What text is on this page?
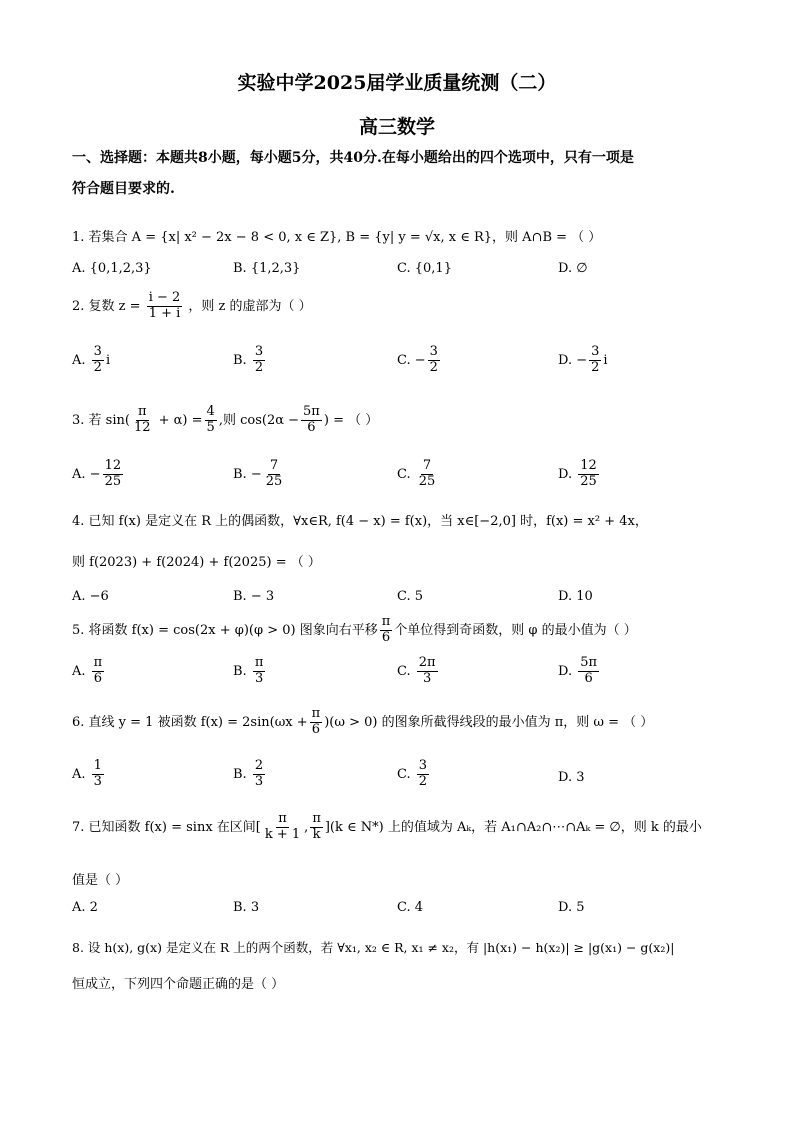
实验中学2025届学业质量统测（二）
高三数学
一、选择题：本题共8小题，每小题5分，共40分.在每小题给出的四个选项中，只有一项是
符合题目要求的.
1. 若集合 A = {x| x² − 2x − 8 < 0, x ∈ Z}, B = {y| y = √x, x ∈ R}，则 A∩B = （ ）
A. {0,1,2,3}	B. {1,2,3}	C. {0,1}	D. ∅
2. 复数 $z = \frac{i - 2}{1 + i}$ ，则 z 的虚部为（ ）
A. $\frac{3}{2}$ i	B. $\frac{3}{2}$	C. − $\frac{3}{2}$	D. − $\frac{3}{2}$ i
3. 若 $\sin( \frac{\pi}{12} + \alpha) = \frac{4}{5}$ ,则 $\cos(2\alpha - \frac{5\pi}{6}$ ) = （ ）
A. − $\frac{12}{25}$	B. − $\frac{7}{25}$	C. $\frac{7}{25}$	D. $\frac{12}{25}$
4. 已知 f(x) 是定义在 R 上的偶函数，∀x∈R, f(4 − x) = f(x)，当 x∈[−2,0] 时，f(x) = x² + 4x，
则 f(2023) + f(2024) + f(2025) = （ ）
A. −6	B. − 3	C. 5	D. 10
5. 将函数 f(x) = cos(2x + φ)(φ > 0) 图象向右平移 $\frac{\pi}{6}$ 个单位得到奇函数，则 φ 的最小值为（ ）
A. $\frac{\pi}{6}$	B. $\frac{\pi}{3}$	C. $\frac{2\pi}{3}$	D. $\frac{5\pi}{6}$
6. 直线 y = 1 被函数 $f(x) = 2\sin(\omega x + \frac{\pi}{6} )(\omega > 0)$ 的图象所截得线段的最小值为 π，则 ω = （ ）
A. $\frac{1}{3}$	B. $\frac{2}{3}$	C. $\frac{3}{2}$	D. 3
7. 已知函数 f(x) = sinx 在区间[ $\frac{\pi}{k + 1}$ , $\frac{\pi}{k} ](k$ ∈ N*) 上的值域为 Aₖ，若 A₁∩A₂∩⋯∩Aₖ = ∅，则 k 的最小
值是（ ）
A. 2	B. 3	C. 4	D. 5
8. 设 h(x), g(x) 是定义在 R 上的两个函数，若 ∀x₁, x₂ ∈ R, x₁ ≠ x₂，有 |h(x₁) − h(x₂)| ≥ |g(x₁) − g(x₂)|
恒成立，下列四个命题正确的是（ ）
